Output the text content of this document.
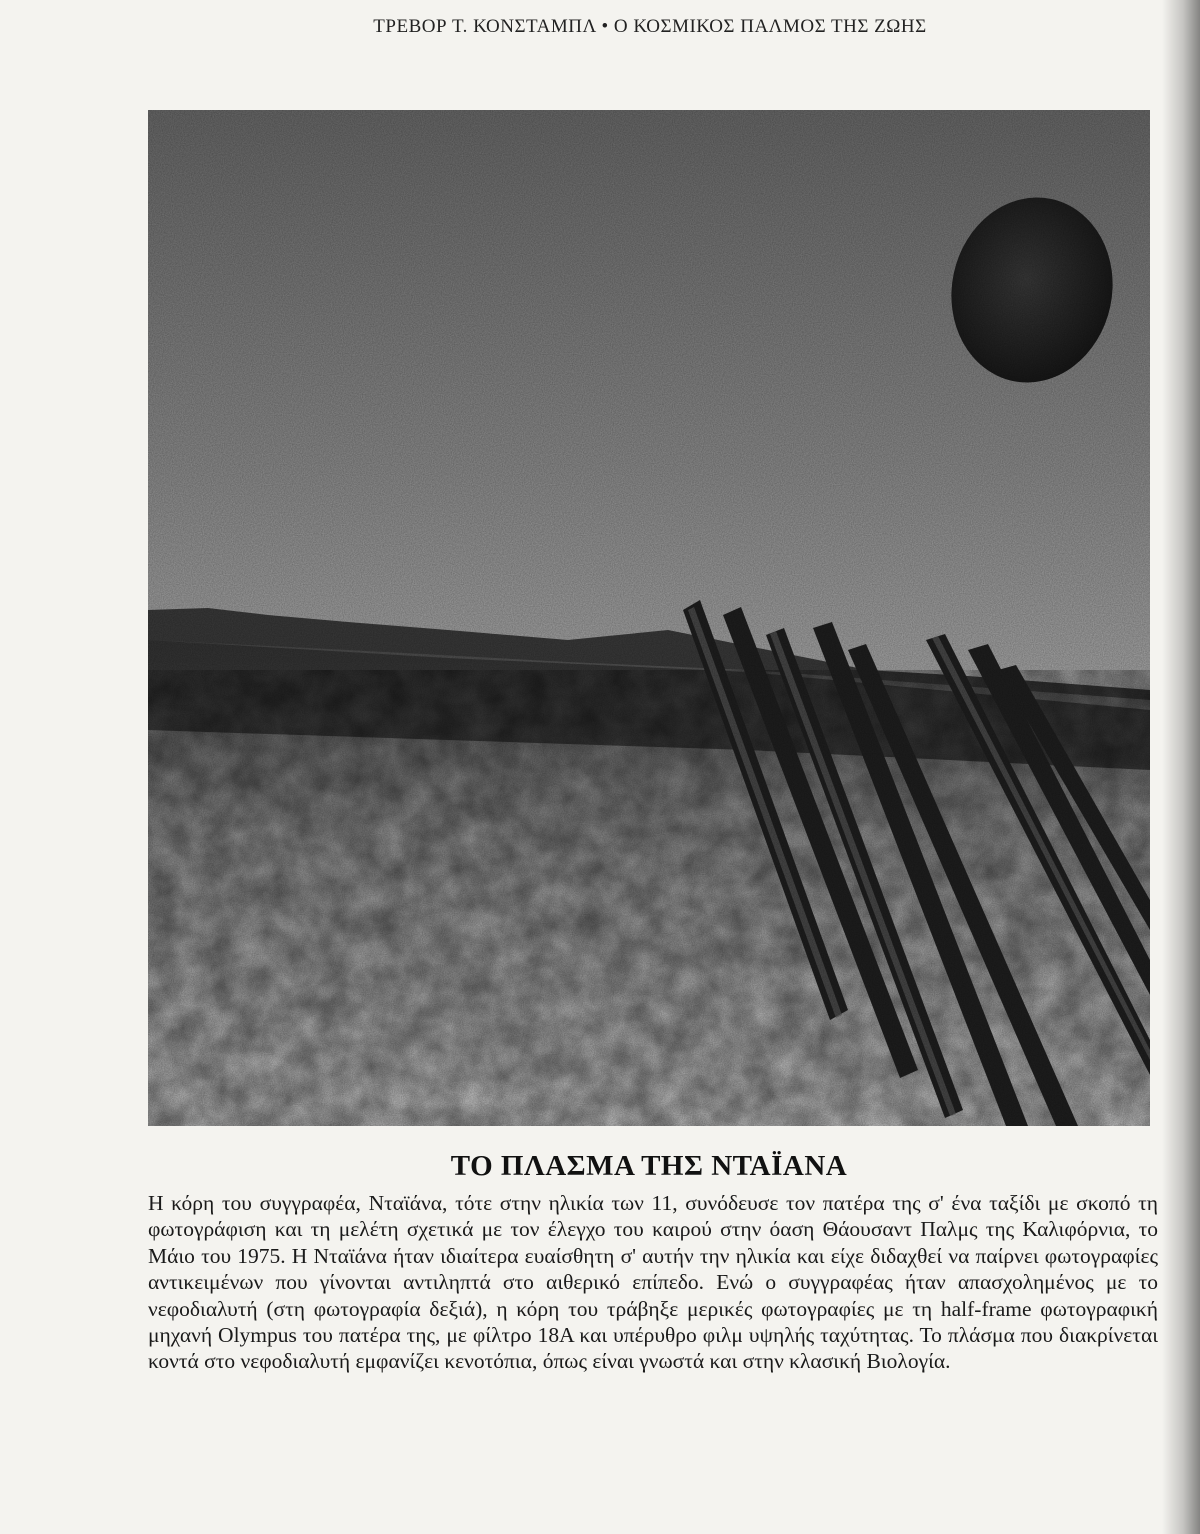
ΤΡΕΒΟΡ Τ. ΚΟΝΣΤΑΜΠΛ • Ο ΚΟΣΜΙΚΟΣ ΠΑΛΜΟΣ ΤΗΣ ΖΩΗΣ
ΤΟ ΠΛΑΣΜΑ ΤΗΣ ΝΤΑΪΑΝΑ
Η κόρη του συγγραφέα, Νταϊάνα, τότε στην ηλικία των 11, συνόδευσε τον πατέρα της σ' ένα ταξίδι με σκοπό τη φωτογράφιση και τη μελέτη σχετικά με τον έλεγχο του καιρού στην όαση Θάουσαντ Παλμς της Καλιφόρνια, το Μάιο του 1975. Η Νταϊάνα ήταν ιδιαίτερα ευαίσθητη σ' αυτήν την ηλικία και είχε διδαχθεί να παίρνει φωτογραφίες αντικειμένων που γίνονται αντιληπτά στο αιθερικό επίπεδο. Ενώ ο συγγραφέας ήταν απασχολημένος με το νεφοδιαλυτή (στη φωτογραφία δεξιά), η κόρη του τράβηξε μερικές φωτογραφίες με τη half-frame φωτογραφική μηχανή Olympus του πατέρα της, με φίλτρο 18Α και υπέρυθρο φιλμ υψηλής ταχύτητας. Το πλάσμα που διακρίνεται κοντά στο νεφοδιαλυτή εμφανίζει κενοτόπια, όπως είναι γνωστά και στην κλασική Βιολογία.
